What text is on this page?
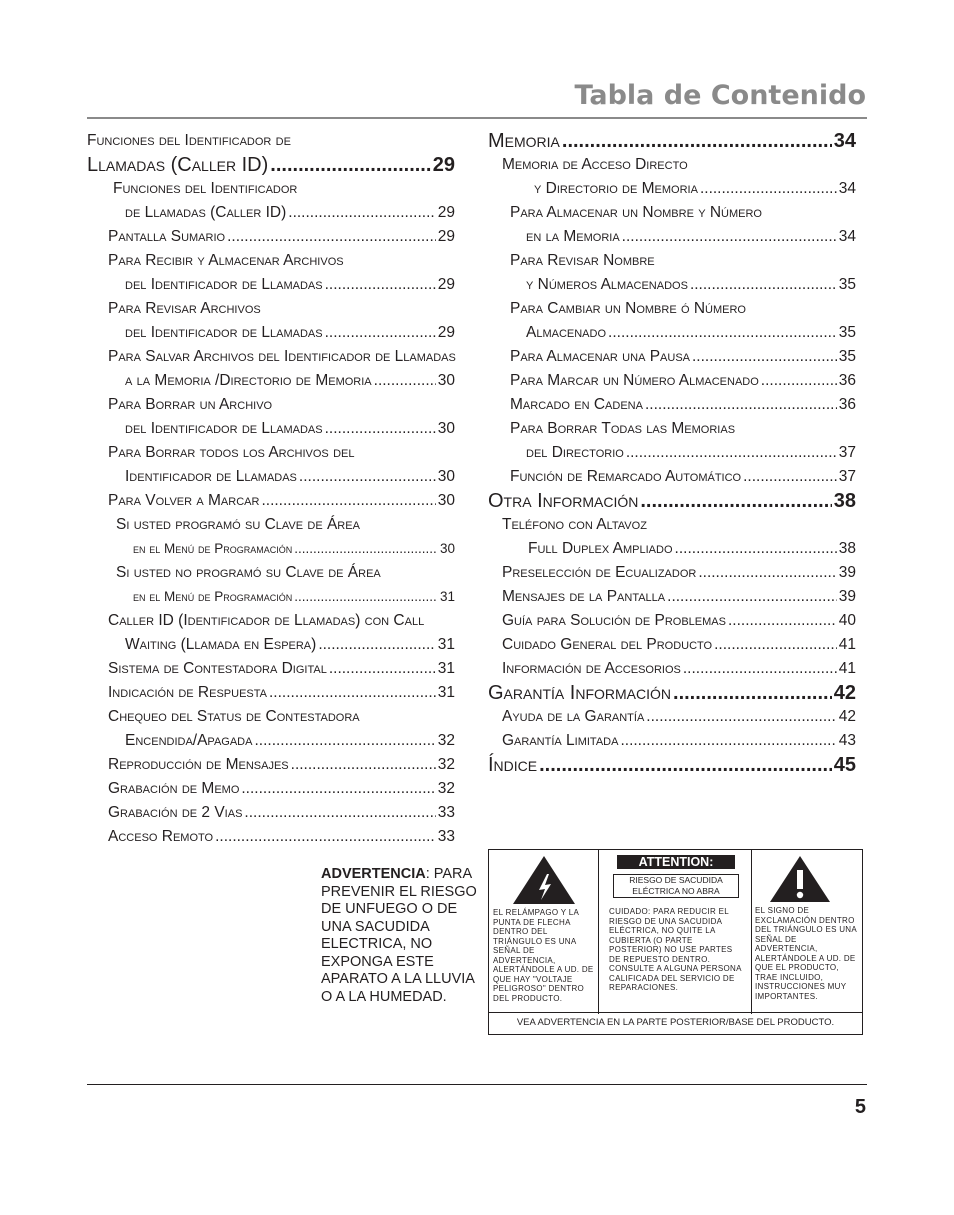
Tabla de Contenido
Funciones del Identificador de
Llamadas (Caller ID) .....	29
Funciones del Identificador
de Llamadas (Caller ID) .....	29
Pantalla Sumario .....	29
Para Recibir y Almacenar Archivos
del Identificador de Llamadas .....	29
Para Revisar Archivos
del Identificador de Llamadas .....	29
Para Salvar Archivos del Identificador de Llamadas
a la Memoria /Directorio de Memoria .....	30
Para Borrar un Archivo
del Identificador de Llamadas .....	30
Para Borrar todos los Archivos del
Identificador de Llamadas .....	30
Para Volver a Marcar .....	30
Si usted programó su Clave de Área
en el Menú de Programación .....	30
Si usted no programó su Clave de Área
en el Menú de Programación .....	31
Caller ID (Identificador de Llamadas) con Call
Waiting (Llamada en Espera) .....	31
Sistema de Contestadora Digital .....	31
Indicación de Respuesta .....	31
Chequeo del Status de Contestadora
Encendida/Apagada .....	32
Reproducción de Mensajes .....	32
Grabación de Memo .....	32
Grabación de 2 Vias .....	33
Acceso Remoto .....	33
Memoria .....	34
Memoria de Acceso Directo
y Directorio de Memoria .....	34
Para Almacenar un Nombre y Número
en la Memoria .....	34
Para Revisar Nombre
y Números Almacenados .....	35
Para Cambiar un Nombre ó Número
Almacenado .....	35
Para Almacenar una Pausa .....	35
Para Marcar un Número Almacenado .....	36
Marcado en Cadena .....	36
Para Borrar Todas las Memorias
del Directorio .....	37
Función de Remarcado Automático .....	37
Otra Información .....	38
Teléfono con Altavoz
Full Duplex Ampliado .....	38
Preselección de Ecualizador .....	39
Mensajes de la Pantalla .....	39
Guía para Solución de Problemas .....	40
Cuidado General del Producto .....	41
Información de Accesorios .....	41
Garantía Información .....	42
Ayuda de la Garantía .....	42
Garantía Limitada .....	43
Índice .....	45
ADVERTENCIA: PARA PREVENIR EL RIESGO DE UNFUEGO O DE UNA SACUDIDA ELECTRICA, NO EXPONGA ESTE APARATO A LA LLUVIA O A LA HUMEDAD.
EL RELÁMPAGO Y LA PUNTA DE FLECHA DENTRO DEL TRIÁNGULO ES UNA SEÑAL DE ADVERTENCIA, ALERTÁNDOLE A UD. DE QUE HAY "VOLTAJE PELIGROSO" DENTRO DEL PRODUCTO.
ATTENTION:
RIESGO DE SACUDIDA ELÉCTRICA NO ABRA
CUIDADO: PARA REDUCIR EL RIESGO DE UNA SACUDIDA ELÉCTRICA, NO QUITE LA CUBIERTA (O PARTE POSTERIOR) NO USE PARTES DE REPUESTO DENTRO. CONSULTE A ALGUNA PERSONA CALIFICADA DEL SERVICIO DE REPARACIONES.
EL SIGNO DE EXCLAMACIÓN DENTRO DEL TRIÁNGULO ES UNA SEÑAL DE ADVERTENCIA, ALERTÁNDOLE A UD. DE QUE EL PRODUCTO, TRAE INCLUIDO, INSTRUCCIONES MUY IMPORTANTES.
VEA ADVERTENCIA EN LA PARTE POSTERIOR/BASE DEL PRODUCTO.
5
